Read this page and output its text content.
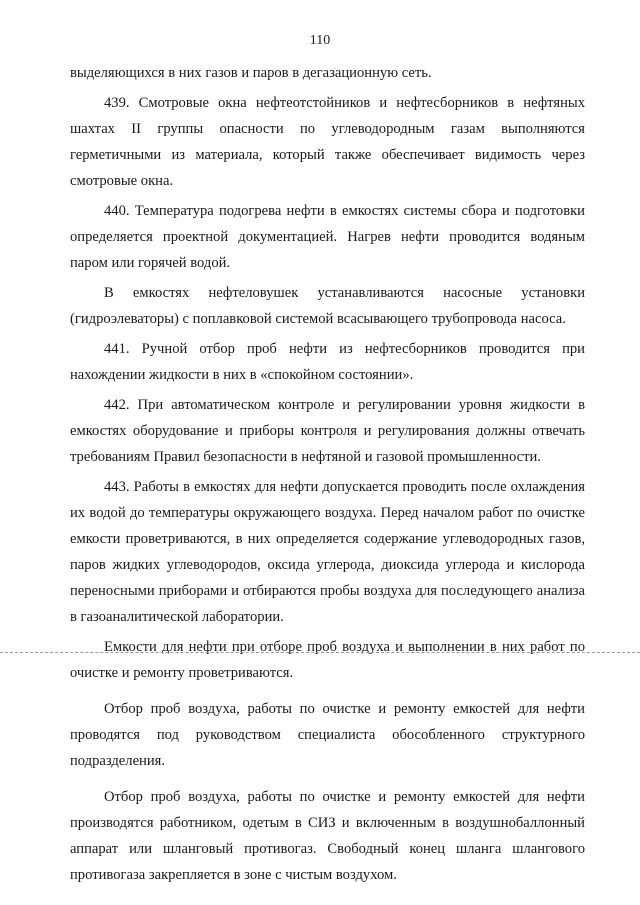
110

выделяющихся в них газов и паров в дегазационную сеть.

439. Смотровые окна нефтеотстойников и нефтесборников в нефтяных шахтах II группы опасности по углеводородным газам выполняются герметичными из материала, который также обеспечивает видимость через смотровые окна.

440. Температура подогрева нефти в емкостях системы сбора и подготовки определяется проектной документацией. Нагрев нефти проводится водяным паром или горячей водой.

В емкостях нефтеловушек устанавливаются насосные установки (гидроэлеваторы) с поплавковой системой всасывающего трубопровода насоса.

441. Ручной отбор проб нефти из нефтесборников проводится при нахождении жидкости в них в «спокойном состоянии».

442. При автоматическом контроле и регулировании уровня жидкости в емкостях оборудование и приборы контроля и регулирования должны отвечать требованиям Правил безопасности в нефтяной и газовой промышленности.

443. Работы в емкостях для нефти допускается проводить после охлаждения их водой до температуры окружающего воздуха. Перед началом работ по очистке емкости проветриваются, в них определяется содержание углеводородных газов, паров жидких углеводородов, оксида углерода, диоксида углерода и кислорода переносными приборами и отбираются пробы воздуха для последующего анализа в газоаналитической лаборатории.

Емкости для нефти при отборе проб воздуха и выполнении в них работ по очистке и ремонту проветриваются.

Отбор проб воздуха, работы по очистке и ремонту емкостей для нефти проводятся под руководством специалиста обособленного структурного подразделения.

Отбор проб воздуха, работы по очистке и ремонту емкостей для нефти производятся работником, одетым в СИЗ и включенным в воздушнобаллонный аппарат или шланговый противогаз. Свободный конец шланга шлангового противогаза закрепляется в зоне с чистым воздухом.
